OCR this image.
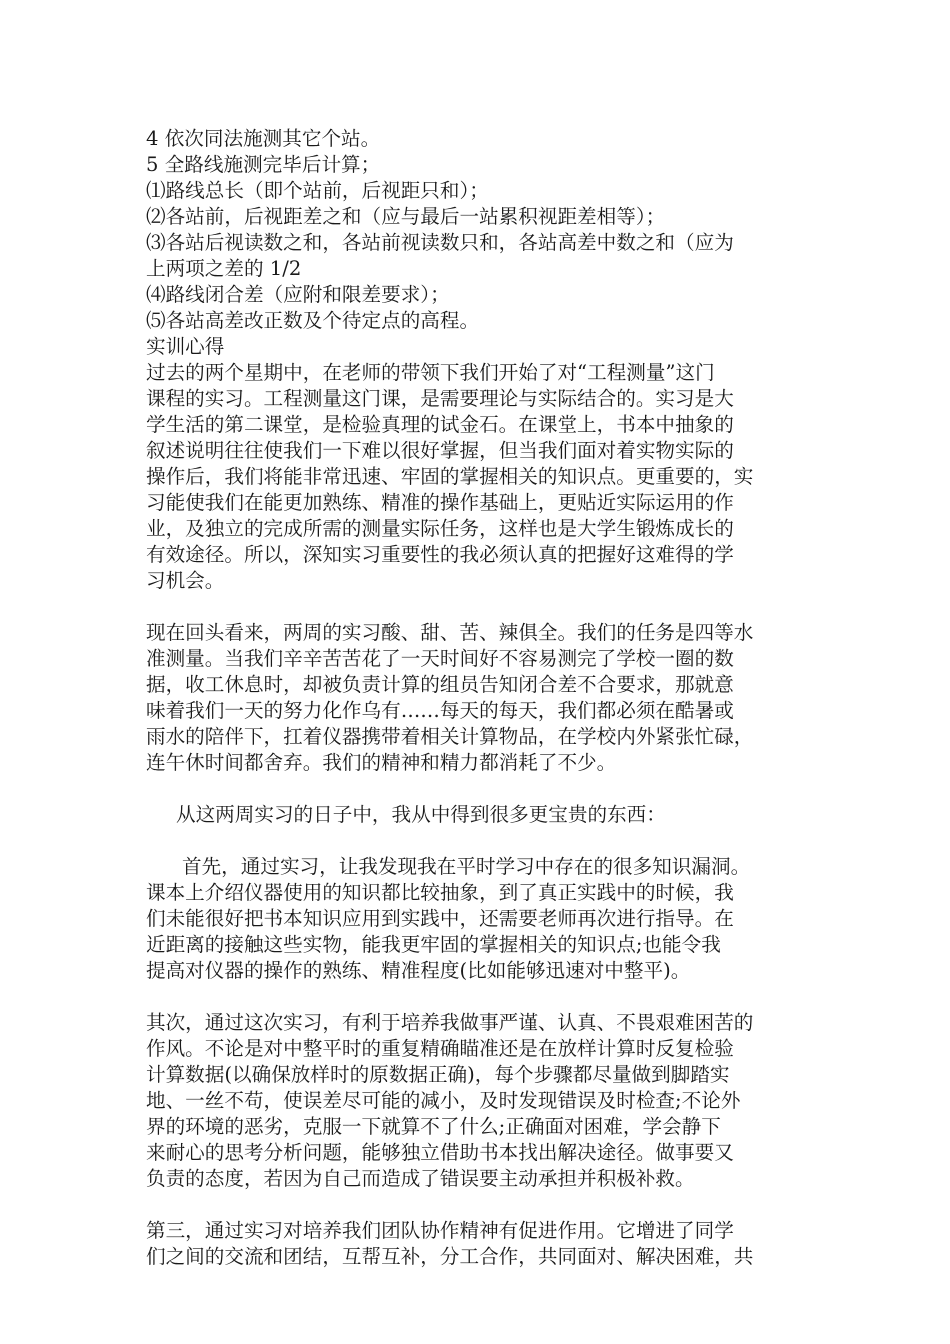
4 依次同法施测其它个站。
5 全路线施测完毕后计算；
⑴路线总长（即个站前，后视距只和）；
⑵各站前，后视距差之和（应与最后一站累积视距差相等）；
⑶各站后视读数之和，各站前视读数只和，各站高差中数之和（应为
上两项之差的 1/2
⑷路线闭合差（应附和限差要求）；
⑸各站高差改正数及个待定点的高程。
实训心得
过去的两个星期中，在老师的带领下我们开始了对“工程测量”这门
课程的实习。工程测量这门课，是需要理论与实际结合的。实习是大
学生活的第二课堂，是检验真理的试金石。在课堂上，书本中抽象的
叙述说明往往使我们一下难以很好掌握，但当我们面对着实物实际的
操作后，我们将能非常迅速、牢固的掌握相关的知识点。更重要的，实
习能使我们在能更加熟练、精准的操作基础上，更贴近实际运用的作
业，及独立的完成所需的测量实际任务，这样也是大学生锻炼成长的
有效途径。所以，深知实习重要性的我必须认真的把握好这难得的学
习机会。
现在回头看来，两周的实习酸、甜、苦、辣俱全。我们的任务是四等水
准测量。当我们辛辛苦苦花了一天时间好不容易测完了学校一圈的数
据，收工休息时，却被负责计算的组员告知闭合差不合要求，那就意
味着我们一天的努力化作乌有……每天的每天，我们都必须在酷暑或
雨水的陪伴下，扛着仪器携带着相关计算物品，在学校内外紧张忙碌，
连午休时间都舍弃。我们的精神和精力都消耗了不少。
从这两周实习的日子中，我从中得到很多更宝贵的东西：
首先，通过实习，让我发现我在平时学习中存在的很多知识漏洞。
课本上介绍仪器使用的知识都比较抽象，到了真正实践中的时候，我
们未能很好把书本知识应用到实践中，还需要老师再次进行指导。在
近距离的接触这些实物，能我更牢固的掌握相关的知识点;也能令我
提高对仪器的操作的熟练、精准程度(比如能够迅速对中整平)。
其次，通过这次实习，有利于培养我做事严谨、认真、不畏艰难困苦的
作风。不论是对中整平时的重复精确瞄准还是在放样计算时反复检验
计算数据(以确保放样时的原数据正确)，每个步骤都尽量做到脚踏实
地、一丝不苟，使误差尽可能的减小，及时发现错误及时检查;不论外
界的环境的恶劣，克服一下就算不了什么;正确面对困难，学会静下
来耐心的思考分析问题，能够独立借助书本找出解决途径。做事要又
负责的态度，若因为自己而造成了错误要主动承担并积极补救。
第三，通过实习对培养我们团队协作精神有促进作用。它增进了同学
们之间的交流和团结，互帮互补，分工合作，共同面对、解决困难，共
